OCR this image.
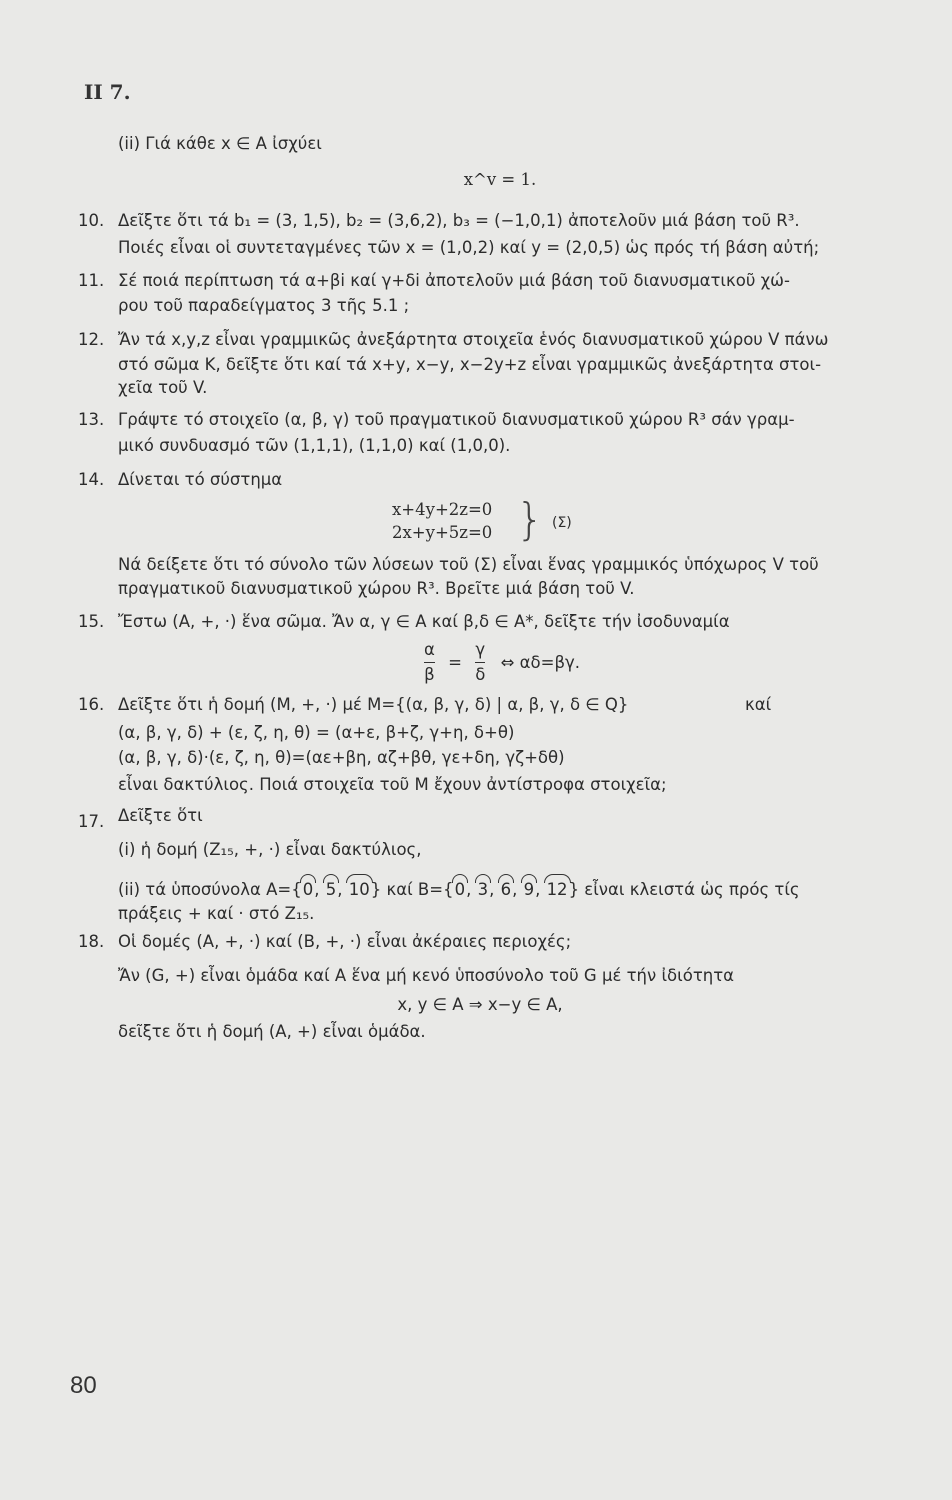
II 7.
(ii) Γιά κάθε x ∈ A ἰσχύει
x^v = 1.
10. Δεῖξτε ὅτι τά b₁ = (3, 1,5), b₂ = (3,6,2), b₃ = (−1,0,1) ἀποτελοῦν μιά βάση τοῦ R³.
Ποιές εἶναι οἱ συντεταγμένες τῶν x = (1,0,2) καί y = (2,0,5) ὡς πρός τή βάση αὐτή;
11. Σέ ποιά περίπτωση τά α+βi καί γ+δi ἀποτελοῦν μιά βάση τοῦ διανυσματικοῦ χώ-
ρου τοῦ παραδείγματος 3 τῆς 5.1 ;
12. Ἄν τά x,y,z εἶναι γραμμικῶς ἀνεξάρτητα στοιχεῖα ἑνός διανυσματικοῦ χώρου V πάνω
στό σῶμα K, δεῖξτε ὅτι καί τά x+y, x−y, x−2y+z εἶναι γραμμικῶς ἀνεξάρτητα στοι-
χεῖα τοῦ V.
13. Γράψτε τό στοιχεῖο (α, β, γ) τοῦ πραγματικοῦ διανυσματικοῦ χώρου R³ σάν γραμ-
μικό συνδυασμό τῶν (1,1,1), (1,1,0) καί (1,0,0).
14. Δίνεται τό σύστημα
x+4y+2z=0
2x+y+5z=0 } (Σ)
Νά δείξετε ὅτι τό σύνολο τῶν λύσεων τοῦ (Σ) εἶναι ἕνας γραμμικός ὑπόχωρος V τοῦ
πραγματικοῦ διανυσματικοῦ χώρου R³. Βρεῖτε μιά βάση τοῦ V.
15. Ἔστω (A, +, ·) ἕνα σῶμα. Ἄν α, γ ∈ A καί β,δ ∈ A*, δεῖξτε τήν ἰσοδυναμία
$\frac{\alpha}{\beta} = \frac{\gamma}{\delta}$ ⇔ αδ=βγ.
16. Δεῖξτε ὅτι ἡ δομή (M, +, ·) μέ M={(α, β, γ, δ) | α, β, γ, δ ∈ Q}	καί
(α, β, γ, δ) + (ε, ζ, η, θ) = (α+ε, β+ζ, γ+η, δ+θ)
(α, β, γ, δ)·(ε, ζ, η, θ)=(αε+βη, αζ+βθ, γε+δη, γζ+δθ)
εἶναι δακτύλιος. Ποιά στοιχεῖα τοῦ M ἔχουν ἀντίστροφα στοιχεῖα;
17. Δεῖξτε ὅτι
(i) ἡ δομή (Z₁₅, +, ·) εἶναι δακτύλιος,
(ii) τά ὑποσύνολα A={0, 5, 10} καί B={0, 3, 6, 9, 12} εἶναι κλειστά ὡς πρός τίς
πράξεις + καί · στό Z₁₅.
18. Οἱ δομές (A, +, ·) καί (B, +, ·) εἶναι ἀκέραιες περιοχές;
Ἄν (G, +) εἶναι ὁμάδα καί A ἕνα μή κενό ὑποσύνολο τοῦ G μέ τήν ἰδιότητα
x, y ∈ A ⇒ x−y ∈ A,
δεῖξτε ὅτι ἡ δομή (A, +) εἶναι ὁμάδα.
80
